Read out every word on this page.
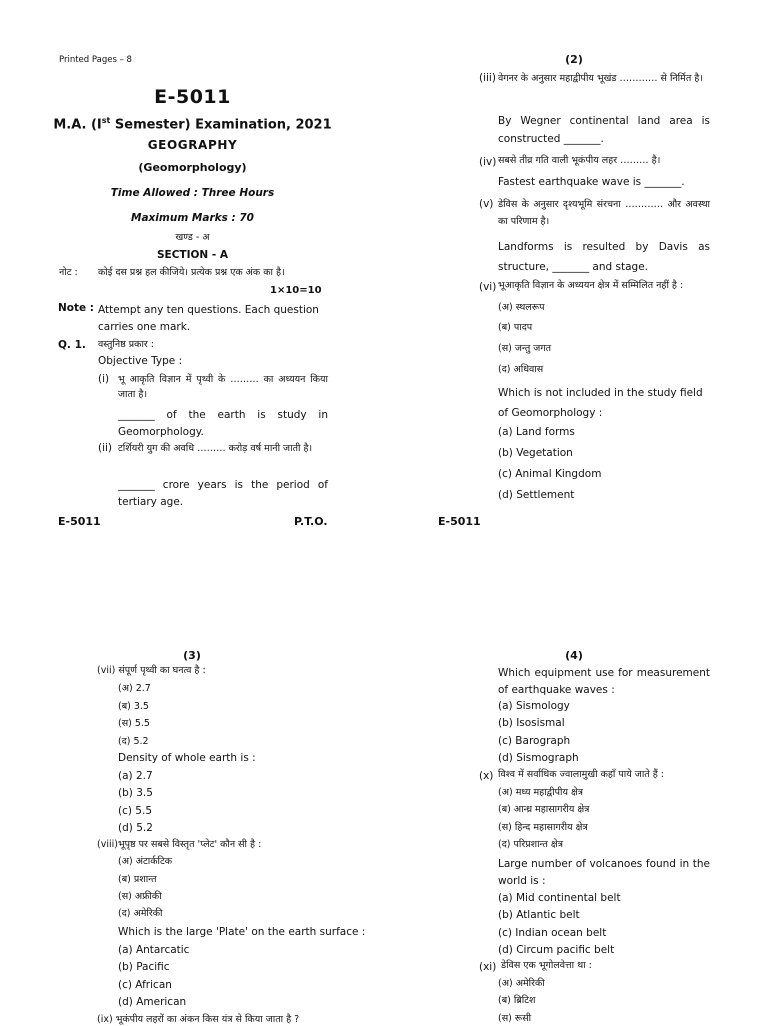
Printed Pages – 8
E-5011
M.A. (Ist Semester) Examination, 2021
GEOGRAPHY
(Geomorphology)
Time Allowed : Three Hours
Maximum Marks : 70
खण्ड - अ
SECTION - A
नोट : कोई दस प्रश्न हल कीजिये। प्रत्येक प्रश्न एक अंक का है।
1×10=10
Note : Attempt any ten questions. Each question carries one mark.
Q. 1. वस्तुनिष्ठ प्रकार :
Objective Type :
(i) भू आकृति विज्ञान में पृथ्वी के ……… का अध्ययन किया जाता है।
_______ of the earth is study in Geomorphology.
(ii) टर्शियरी युग की अवधि ……… करोड़ वर्ष मानी जाती है।
_______ crore years is the period of tertiary age.
E-5011	P.T.O.
(2)
(iii) वेगनर के अनुसार महाद्वीपीय भूखंड ………… से निर्मित है।
By Wegner continental land area is constructed _______.
(iv) सबसे तीव्र गति वाली भूकंपीय लहर ……… है।
Fastest earthquake wave is _______.
(v) डेविस के अनुसार दृश्यभूमि संरचना ………… और अवस्था का परिणाम है।
Landforms is resulted by Davis as structure, _______ and stage.
(vi) भूआकृति विज्ञान के अध्ययन क्षेत्र में सम्मिलित नहीं है :
(अ) स्थलरूप
(ब) पादप
(स) जन्तु जगत
(द) अधिवास
Which is not included in the study field of Geomorphology :
(a) Land forms
(b) Vegetation
(c) Animal Kingdom
(d) Settlement
E-5011
(3)
(vii) संपूर्ण पृथ्वी का घनत्व है :
(अ) 2.7
(ब) 3.5
(स) 5.5
(द) 5.2
Density of whole earth is :
(a) 2.7
(b) 3.5
(c) 5.5
(d) 5.2
(viii)भूपृष्ठ पर सबसे विस्तृत 'प्लेट' कौन सी है :
(अ) अंटार्कटिक
(ब) प्रशान्त
(स) अफ्रीकी
(द) अमेरिकी
Which is the large 'Plate' on the earth surface :
(a) Antarcatic
(b) Pacific
(c) African
(d) American
(ix) भूकंपीय लहरों का अंकन किस यंत्र से किया जाता है ?
(4)
Which equipment use for measurement of earthquake waves :
(a) Sismology
(b) Isosismal
(c) Barograph
(d) Sismograph
(x) विश्व में सर्वाधिक ज्वालामुखी कहाँ पाये जाते हैं :
(अ) मध्य महाद्वीपीय क्षेत्र
(ब) आन्ध्र महासागरीय क्षेत्र
(स) हिन्द महासागरीय क्षेत्र
(द) परिप्रशान्त क्षेत्र
Large number of volcanoes found in the world is :
(a) Mid continental belt
(b) Atlantic belt
(c) Indian ocean belt
(d) Circum pacific belt
(xi) डेविस एक भूगोलवेत्ता था :
(अ) अमेरिकी
(ब) ब्रिटिश
(स) रूसी
